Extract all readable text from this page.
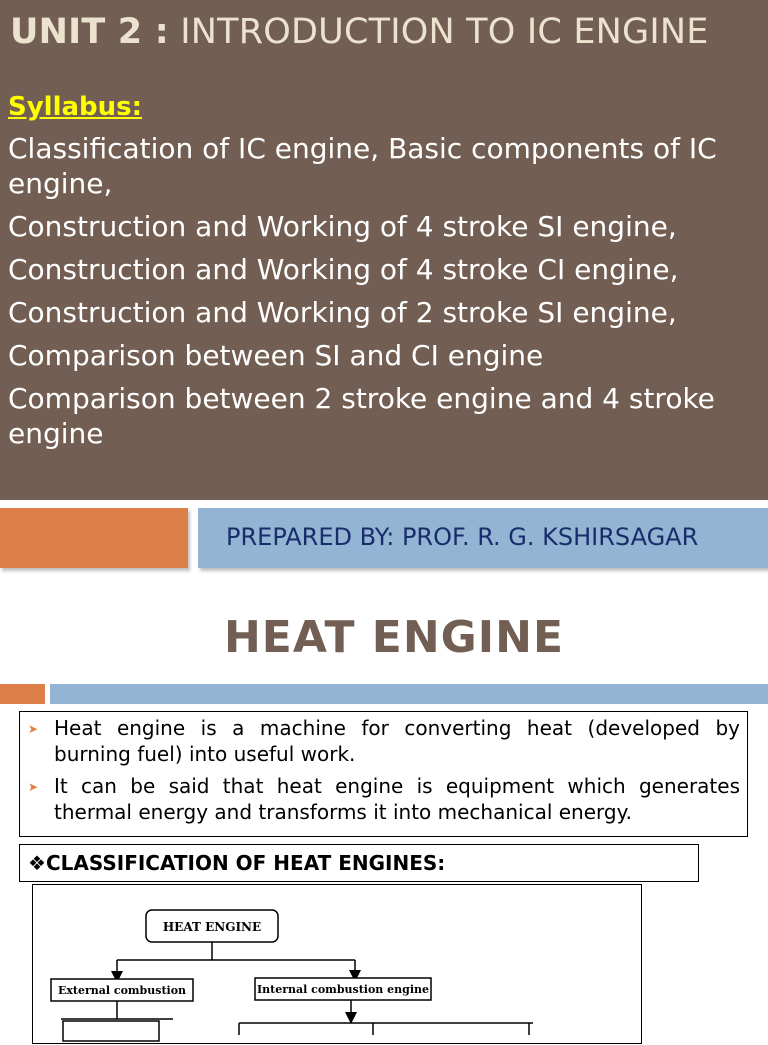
UNIT 2 : INTRODUCTION TO IC ENGINE
Syllabus:
Classification of IC engine, Basic components of IC engine,
Construction and Working of 4 stroke SI engine,
Construction and Working of 4 stroke CI engine,
Construction and Working of 2 stroke SI engine,
Comparison between SI and CI engine
Comparison between 2 stroke engine and 4 stroke engine
PREPARED BY: PROF. R. G. KSHIRSAGAR
HEAT ENGINE
➤ Heat engine is a machine for converting heat (developed by burning fuel) into useful work.
➤ It can be said that heat engine is equipment which generates thermal energy and transforms it into mechanical energy.
❖CLASSIFICATION OF HEAT ENGINES:
HEAT ENGINE
External combustion	Internal combustion engine
